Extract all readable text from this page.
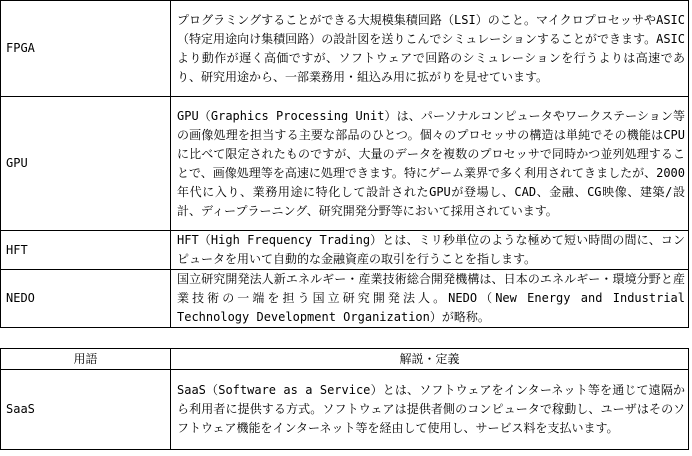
FPGA	プログラミングすることができる大規模集積回路（LSI）のこと。マイクロプロセッサやASIC（特定用途向け集積回路）の設計図を送りこんでシミュレーションすることができます。ASICより動作が遅く高価ですが、ソフトウェアで回路のシミュレーションを行うよりは高速であり、研究用途から、一部業務用・組込み用に拡がりを見せています。
GPU	GPU（Graphics Processing Unit）は、パーソナルコンピュータやワークステーション等の画像処理を担当する主要な部品のひとつ。個々のプロセッサの構造は単純でその機能はCPUに比べて限定されたものですが、大量のデータを複数のプロセッサで同時かつ並列処理することで、画像処理等を高速に処理できます。特にゲーム業界で多く利用されてきましたが、2000年代に入り、業務用途に特化して設計されたGPUが登場し、CAD、金融、CG映像、建築/設計、ディープラーニング、研究開発分野等において採用されています。
HFT	HFT（High Frequency Trading）とは、ミリ秒単位のような極めて短い時間の間に、コンピュータを用いて自動的な金融資産の取引を行うことを指します。
NEDO	国立研究開発法人新エネルギー・産業技術総合開発機構は、日本のエネルギー・環境分野と産業技術の一端を担う国立研究開発法人。NEDO（New Energy and Industrial Technology Development Organization）が略称。
用語	解説・定義
SaaS	SaaS（Software as a Service）とは、ソフトウェアをインターネット等を通じて遠隔から利用者に提供する方式。ソフトウェアは提供者側のコンピュータで稼動し、ユーザはそのソフトウェア機能をインターネット等を経由して使用し、サービス料を支払います。
